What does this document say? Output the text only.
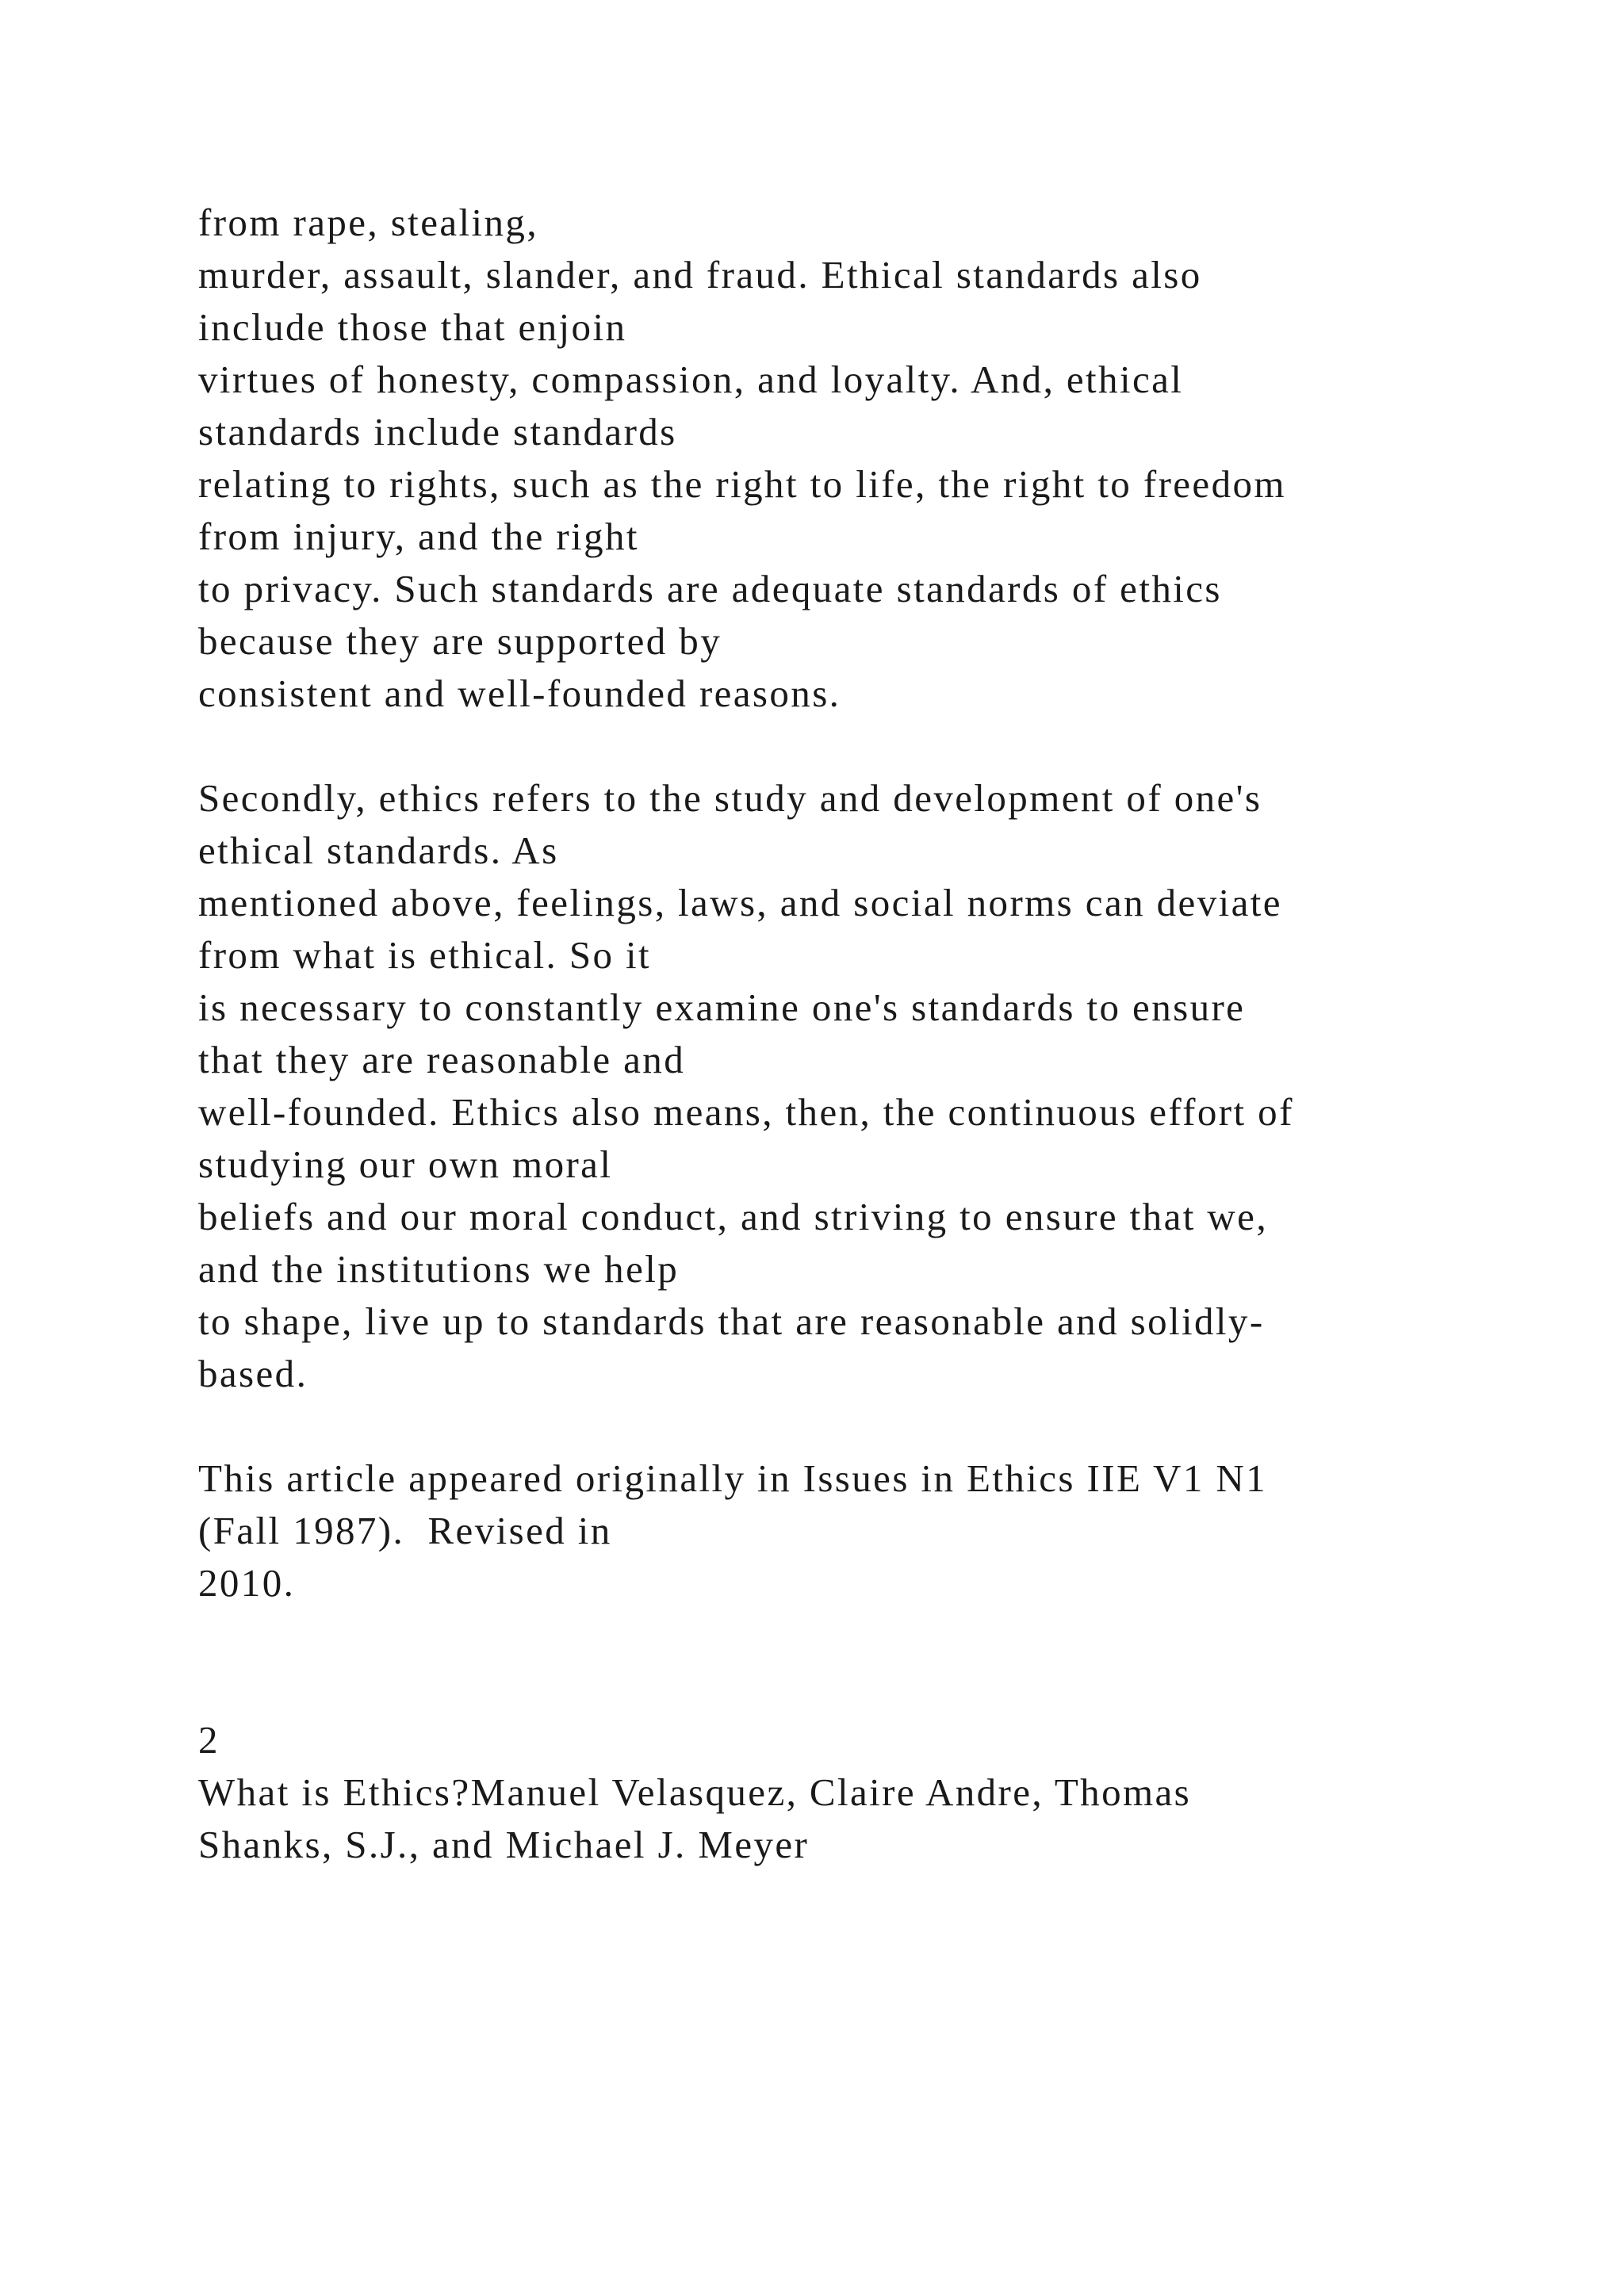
from rape, stealing,
murder, assault, slander, and fraud. Ethical standards also
include those that enjoin
virtues of honesty, compassion, and loyalty. And, ethical
standards include standards
relating to rights, such as the right to life, the right to freedom
from injury, and the right
to privacy. Such standards are adequate standards of ethics
because they are supported by
consistent and well-founded reasons.
Secondly, ethics refers to the study and development of one's
ethical standards. As
mentioned above, feelings, laws, and social norms can deviate
from what is ethical. So it
is necessary to constantly examine one's standards to ensure
that they are reasonable and
well-founded. Ethics also means, then, the continuous effort of
studying our own moral
beliefs and our moral conduct, and striving to ensure that we,
and the institutions we help
to shape, live up to standards that are reasonable and solidly-
based.
This article appeared originally in Issues in Ethics IIE V1 N1
(Fall 1987).  Revised in
2010.
2
What is Ethics?Manuel Velasquez, Claire Andre, Thomas
Shanks, S.J., and Michael J. Meyer
